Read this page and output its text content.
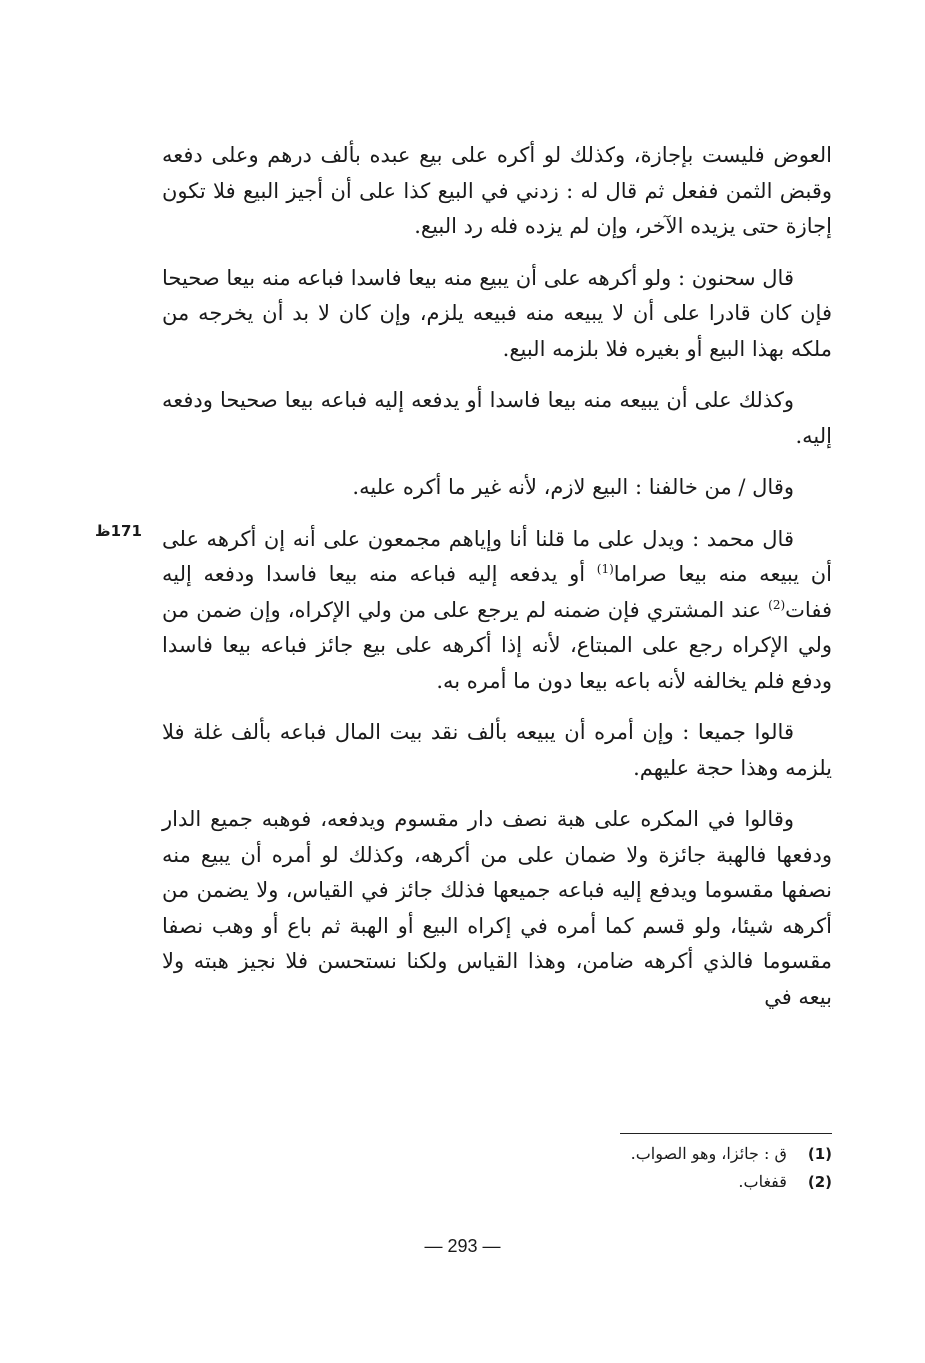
العوض فليست بإجازة، وكذلك لو أكره على بيع عبده بألف درهم وعلى دفعه وقبض الثمن ففعل ثم قال له : زدني في البيع كذا على أن أجيز البيع فلا تكون إجازة حتى يزيده الآخر، وإن لم يزده فله رد البيع.

قال سحنون : ولو أكرهه على أن يبيع منه بيعا فاسدا فباعه منه بيعا صحيحا فإن كان قادرا على أن لا يبيعه منه فبيعه يلزم، وإن كان لا بد أن يخرجه من ملكه بهذا البيع أو بغيره فلا بلزمه البيع.

وكذلك على أن يبيعه منه بيعا فاسدا أو يدفعه إليه فباعه بيعا صحيحا ودفعه إليه.

وقال / من خالفنا : البيع لازم، لأنه غير ما أكره عليه.

قال محمد : ويدل على ما قلنا أنا وإياهم مجمعون على أنه إن أكرهه على أن يبيعه منه بيعا صراما$^{(1)}$ أو يدفعه إليه فباعه منه بيعا فاسدا ودفعه إليه ففات$^{(2)}$ عند المشتري فإن ضمنه لم يرجع على من ولي الإكراه، وإن ضمن من ولي الإكراه رجع على المبتاع، لأنه إذا أكرهه على بيع جائز فباعه بيعا فاسدا ودفع فلم يخالفه لأنه باعه بيعا دون ما أمره به.

قالوا جميعا : وإن أمره أن يبيعه بألف نقد بيت المال فباعه بألف غلة فلا يلزمه وهذا حجة عليهم.

وقالوا في المكره على هبة نصف دار مقسوم ويدفعه، فوهبه جميع الدار ودفعها فالهبة جائزة ولا ضمان على من أكرهه، وكذلك لو أمره أن يبيع منه نصفها مقسوما ويدفع إليه فباعه جميعها فذلك جائز في القياس، ولا يضمن من أكرهه شيئا، ولو قسم كما أمره في إكراه البيع أو الهبة ثم باع أو وهب نصفا مقسوما فالذي أكرهه ضامن، وهذا القياس ولكنا نستحسن فلا نجيز هبته ولا بيعه في

171ظ
(1) ق : جائزا، وهو الصواب.
(2) قفغاب.
— 293 —
